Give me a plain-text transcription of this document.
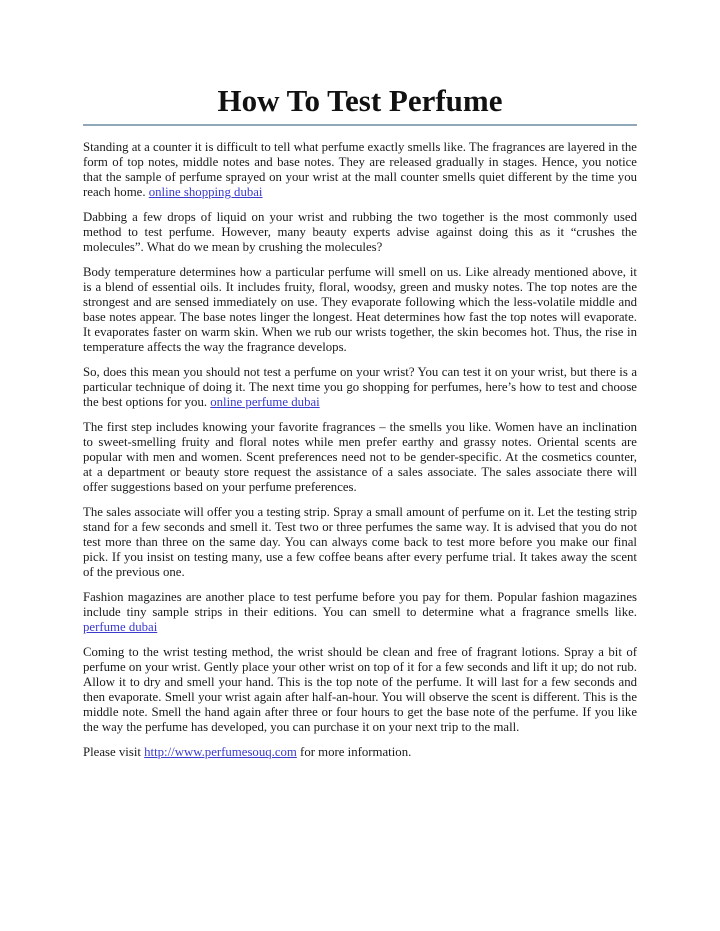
How To Test Perfume

Standing at a counter it is difficult to tell what perfume exactly smells like. The fragrances are layered in the form of top notes, middle notes and base notes. They are released gradually in stages. Hence, you notice that the sample of perfume sprayed on your wrist at the mall counter smells quiet different by the time you reach home. online shopping dubai

Dabbing a few drops of liquid on your wrist and rubbing the two together is the most commonly used method to test perfume. However, many beauty experts advise against doing this as it “crushes the molecules”. What do we mean by crushing the molecules?

Body temperature determines how a particular perfume will smell on us. Like already mentioned above, it is a blend of essential oils. It includes fruity, floral, woodsy, green and musky notes. The top notes are the strongest and are sensed immediately on use. They evaporate following which the less-volatile middle and base notes appear. The base notes linger the longest. Heat determines how fast the top notes will evaporate. It evaporates faster on warm skin. When we rub our wrists together, the skin becomes hot. Thus, the rise in temperature affects the way the fragrance develops.

So, does this mean you should not test a perfume on your wrist? You can test it on your wrist, but there is a particular technique of doing it. The next time you go shopping for perfumes, here’s how to test and choose the best options for you. online perfume dubai

The first step includes knowing your favorite fragrances – the smells you like. Women have an inclination to sweet-smelling fruity and floral notes while men prefer earthy and grassy notes. Oriental scents are popular with men and women. Scent preferences need not to be gender-specific. At the cosmetics counter, at a department or beauty store request the assistance of a sales associate. The sales associate there will offer suggestions based on your perfume preferences.

The sales associate will offer you a testing strip. Spray a small amount of perfume on it. Let the testing strip stand for a few seconds and smell it. Test two or three perfumes the same way. It is advised that you do not test more than three on the same day. You can always come back to test more before you make our final pick. If you insist on testing many, use a few coffee beans after every perfume trial. It takes away the scent of the previous one.

Fashion magazines are another place to test perfume before you pay for them. Popular fashion magazines include tiny sample strips in their editions. You can smell to determine what a fragrance smells like. perfume dubai

Coming to the wrist testing method, the wrist should be clean and free of fragrant lotions. Spray a bit of perfume on your wrist. Gently place your other wrist on top of it for a few seconds and lift it up; do not rub. Allow it to dry and smell your hand. This is the top note of the perfume. It will last for a few seconds and then evaporate. Smell your wrist again after half-an-hour. You will observe the scent is different. This is the middle note. Smell the hand again after three or four hours to get the base note of the perfume. If you like the way the perfume has developed, you can purchase it on your next trip to the mall.

Please visit http://www.perfumesouq.com for more information.
